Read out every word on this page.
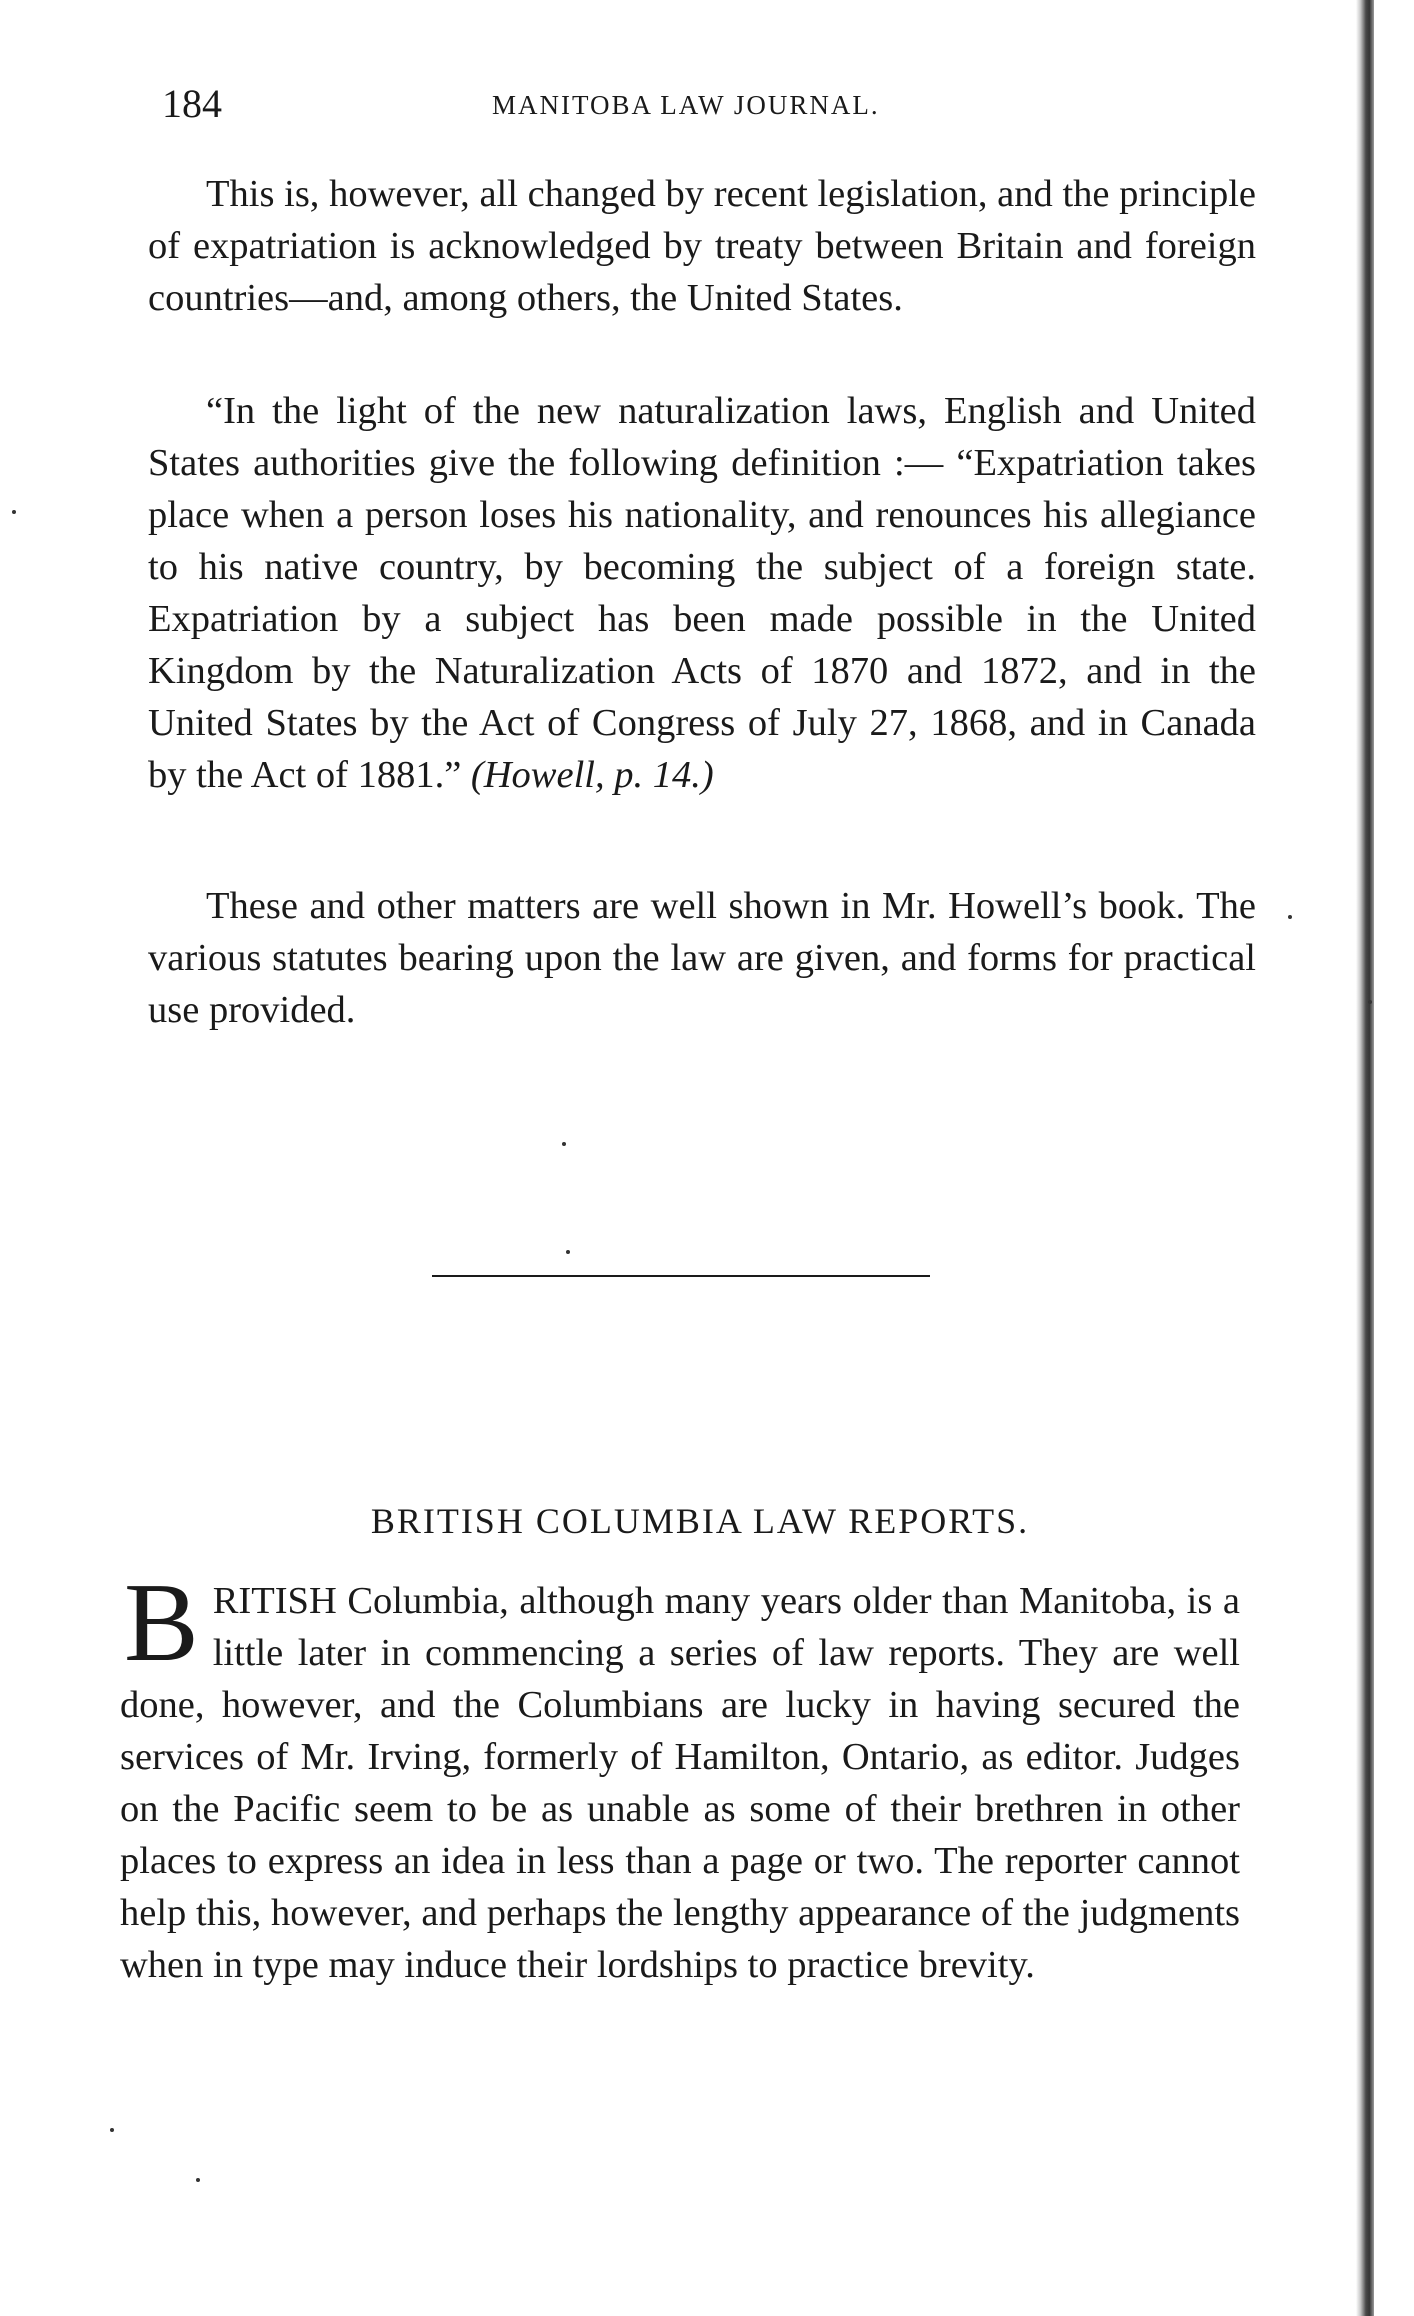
184	MANITOBA LAW JOURNAL.

This is, however, all changed by recent legislation, and the principle of expatriation is acknowledged by treaty between Britain and foreign countries—and, among others, the United States.

“In the light of the new naturalization laws, English and United States authorities give the following definition :— “Expatriation takes place when a person loses his nationality, and renounces his allegiance to his native country, by becoming the subject of a foreign state. Expatriation by a subject has been made possible in the United Kingdom by the Naturalization Acts of 1870 and 1872, and in the United States by the Act of Congress of July 27, 1868, and in Canada by the Act of 1881.” (Howell, p. 14.)

These and other matters are well shown in Mr. Howell’s book. The various statutes bearing upon the law are given, and forms for practical use provided.

BRITISH COLUMBIA LAW REPORTS.

B RITISH Columbia, although many years older than Manitoba, is a little later in commencing a series of law reports. They are well done, however, and the Columbians are lucky in having secured the services of Mr. Irving, formerly of Hamilton, Ontario, as editor. Judges on the Pacific seem to be as unable as some of their brethren in other places to express an idea in less than a page or two. The reporter cannot help this, however, and perhaps the lengthy appearance of the judgments when in type may induce their lordships to practice brevity.
